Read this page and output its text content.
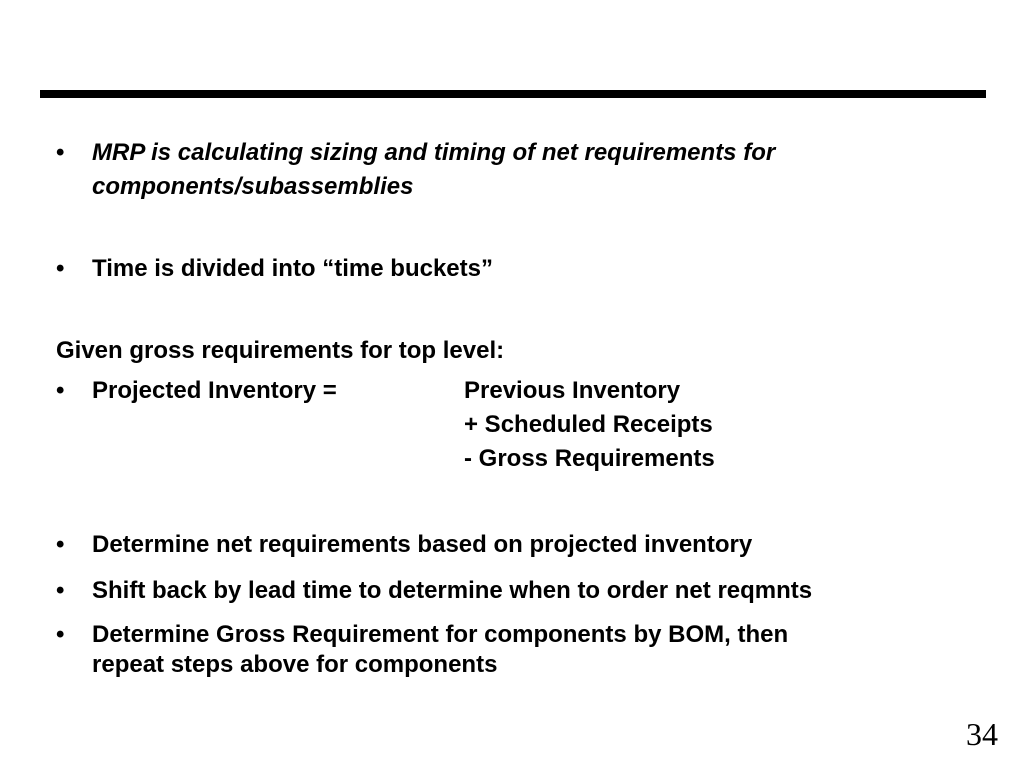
• MRP is calculating sizing and timing of net requirements for
components/subassemblies
• Time is divided into “time buckets”
Given gross requirements for top level:
• Projected Inventory =	Previous Inventory
+ Scheduled Receipts
- Gross Requirements
• Determine net requirements based on projected inventory
• Shift back by lead time to determine when to order net reqmnts
• Determine Gross Requirement for components by BOM, then
repeat steps above for components
34
